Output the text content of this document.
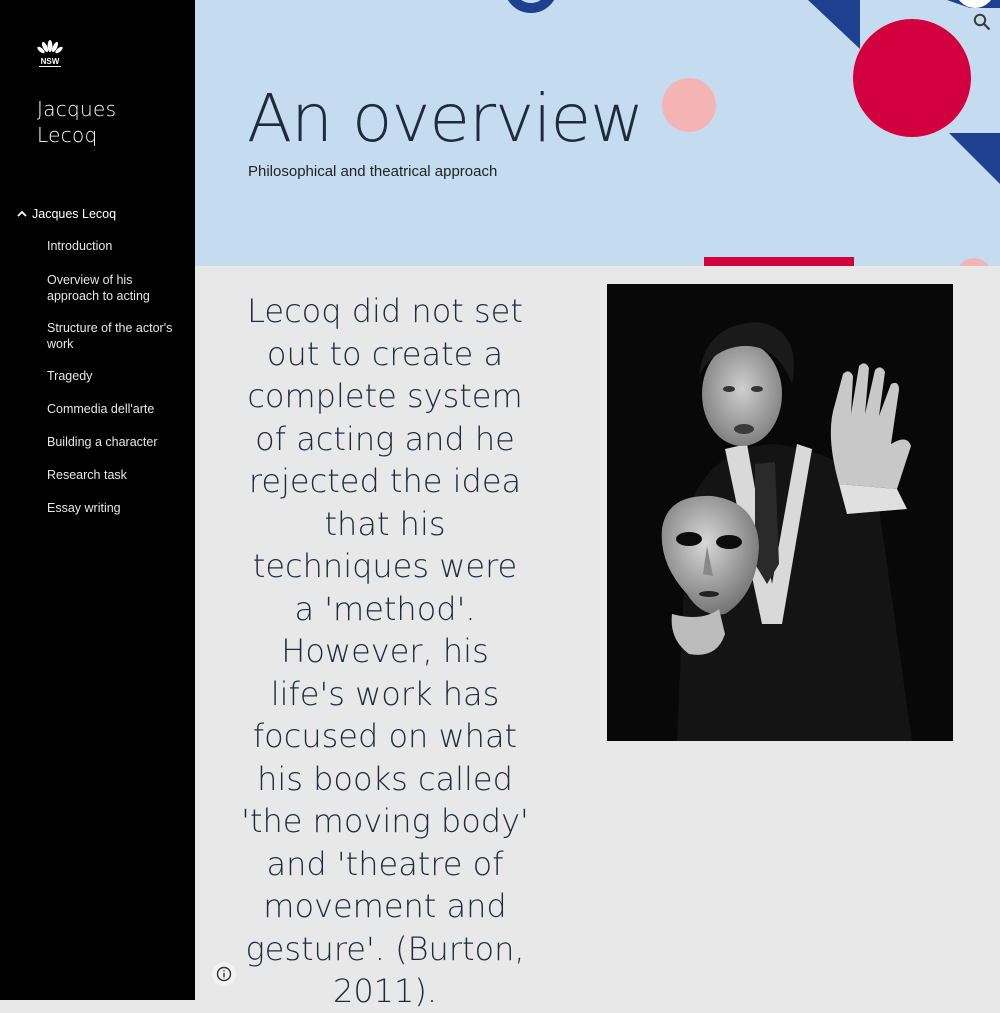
NSW
Jacques Lecoq
Jacques Lecoq
Introduction
Overview of his approach to acting
Structure of the actor's work
Tragedy
Commedia dell'arte
Building a character
Research task
Essay writing
An overview
Philosophical and theatrical approach
Lecoq did not set out to create a complete system of acting and he rejected the idea that his techniques were a 'method'. However, his life's work has focused on what his books called 'the moving body' and 'theatre of movement and gesture'. (Burton, 2011).
